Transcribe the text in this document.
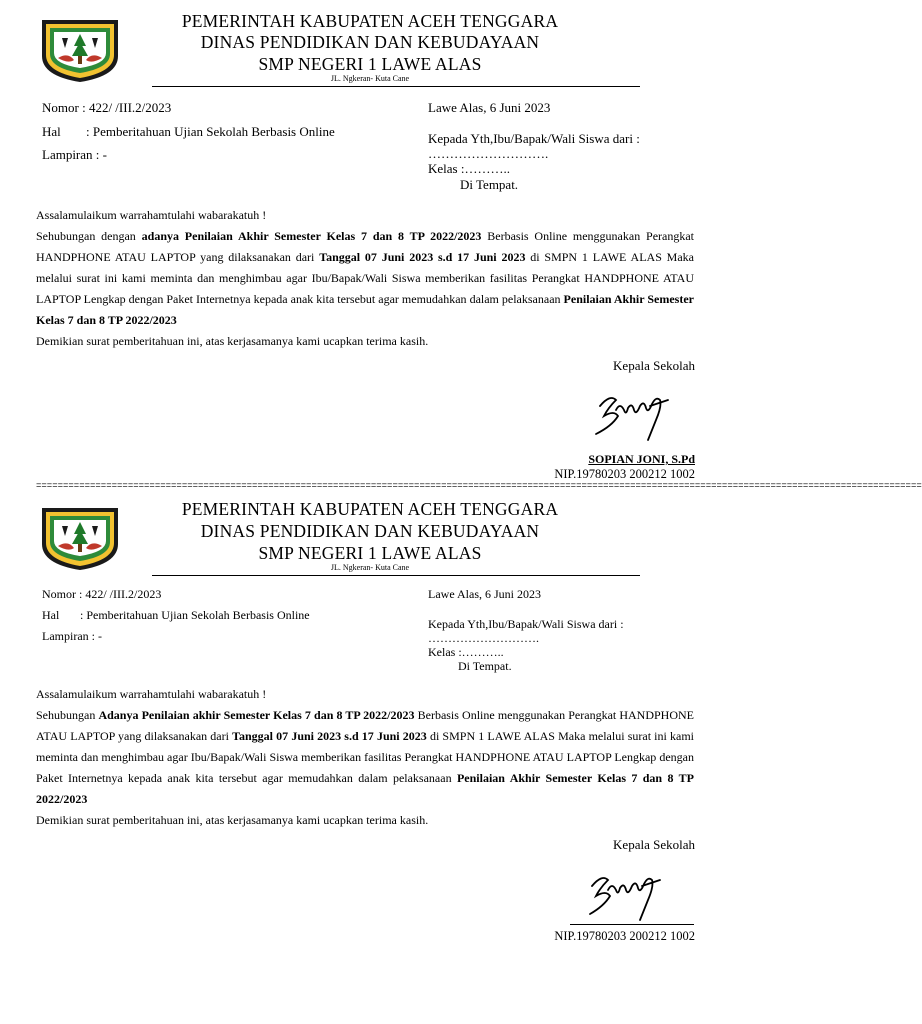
PEMERINTAH KABUPATEN ACEH TENGGARA
DINAS PENDIDIKAN DAN KEBUDAYAAN
SMP NEGERI 1 LAWE ALAS
JL. Ngkeran- Kuta Cane
Nomor : 422/ /III.2/2023
Hal : Pemberitahuan Ujian Sekolah Berbasis Online
Lampiran : -
Lawe Alas, 6 Juni 2023
Kepada Yth,Ibu/Bapak/Wali Siswa dari :
……………………….
Kelas :………..
Di Tempat.

Assalamulaikum warrahamtulahi wabarakatuh !

Sehubungan dengan adanya Penilaian Akhir Semester Kelas 7 dan 8 TP 2022/2023 Berbasis Online menggunakan Perangkat HANDPHONE ATAU LAPTOP yang dilaksanakan dari Tanggal 07 Juni 2023 s.d 17 Juni 2023 di SMPN 1 LAWE ALAS Maka melalui surat ini kami meminta dan menghimbau agar Ibu/Bapak/Wali Siswa memberikan fasilitas Perangkat HANDPHONE ATAU LAPTOP Lengkap dengan Paket Internetnya kepada anak kita tersebut agar memudahkan dalam pelaksanaan Penilaian Akhir Semester Kelas 7 dan 8 TP 2022/2023

Demikian surat pemberitahuan ini, atas kerjasamanya kami ucapkan terima kasih.

Kepala Sekolah
SOPIAN JONI, S.Pd
NIP.19780203 200212 1002
====================================================================================================================================================================
PEMERINTAH KABUPATEN ACEH TENGGARA
DINAS PENDIDIKAN DAN KEBUDAYAAN
SMP NEGERI 1 LAWE ALAS
JL. Ngkeran- Kuta Cane
Nomor : 422/ /III.2/2023
Hal : Pemberitahuan Ujian Sekolah Berbasis Online
Lampiran : -
Lawe Alas, 6 Juni 2023
Kepada Yth,Ibu/Bapak/Wali Siswa dari :
……………………….
Kelas :………..
Di Tempat.

Assalamulaikum warrahamtulahi wabarakatuh !

Sehubungan Adanya Penilaian akhir Semester Kelas 7 dan 8 TP 2022/2023 Berbasis Online menggunakan Perangkat HANDPHONE ATAU LAPTOP yang dilaksanakan dari Tanggal 07 Juni 2023 s.d 17 Juni 2023 di SMPN 1 LAWE ALAS Maka melalui surat ini kami meminta dan menghimbau agar Ibu/Bapak/Wali Siswa memberikan fasilitas Perangkat HANDPHONE ATAU LAPTOP Lengkap dengan Paket Internetnya kepada anak kita tersebut agar memudahkan dalam pelaksanaan Penilaian Akhir Semester Kelas 7 dan 8 TP 2022/2023

Demikian surat pemberitahuan ini, atas kerjasamanya kami ucapkan terima kasih.

Kepala Sekolah
NIP.19780203 200212 1002
